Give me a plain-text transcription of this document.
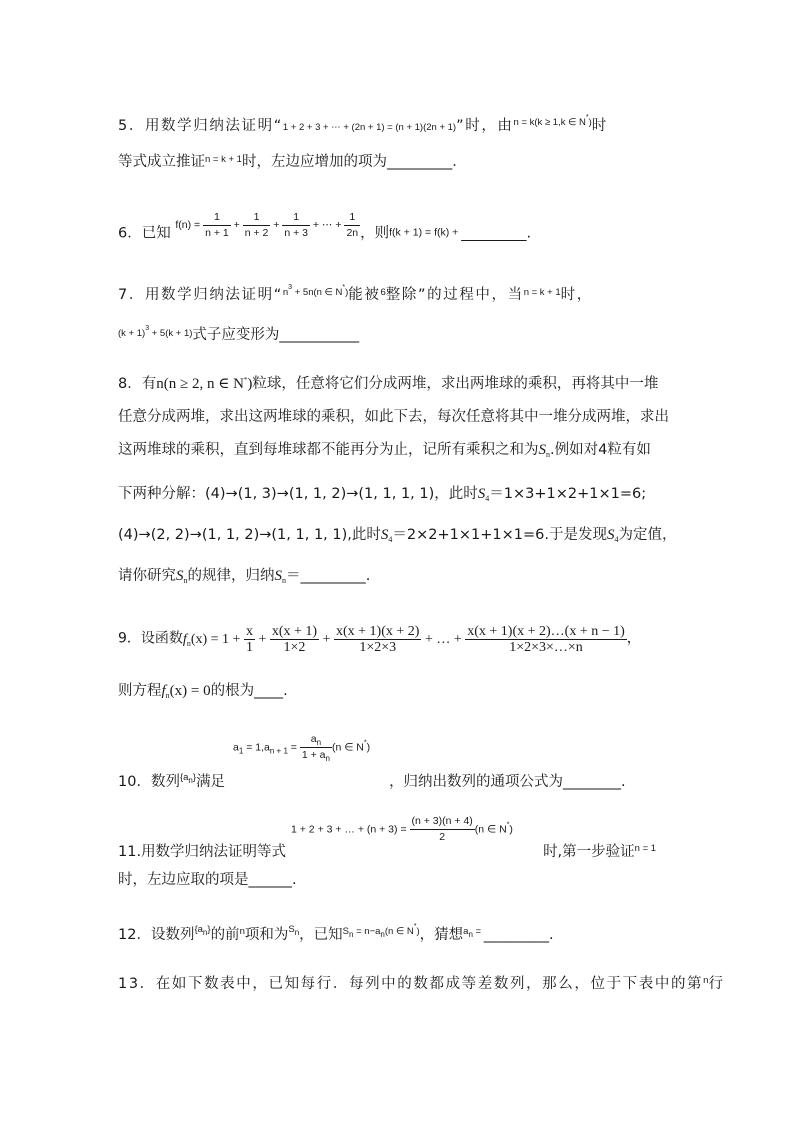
5．用数学归纳法证明“1 + 2 + 3 + ⋯ + (2n + 1) = (n + 1)(2n + 1)”时，由$^{n = k(k \ge 1,k \in N^*)}$时
等式成立推证$^{n = k + 1}$时，左边应增加的项为_________．
6．已知 $f(n) = \frac{1}{n + 1} + \frac{1}{n + 2} + \frac{1}{n + 3}$ + ⋯ + $\frac{1}{2n}$ ，则$_{f(k + 1) = f(k) +}$ _________.
7．用数学归纳法证明“$^{n^3 + 5n(n \in N^*)}$能被$^6$整除”的过程中，当$^{n = k + 1}$时，
$^{(k + 1)^3 + 5(k + 1)}$式子应变形为___________
8．有n(n ≥ 2, n ∈ N*)粒球，任意将它们分成两堆，求出两堆球的乘积，再将其中一堆
任意分成两堆，求出这两堆球的乘积，如此下去，每次任意将其中一堆分成两堆，求出
这两堆球的乘积，直到每堆球都不能再分为止，记所有乘积之和为$S_n$.例如对4粒有如
下两种分解：(4)→(1, 3)→(1, 1, 2)→(1, 1, 1, 1)，此时$S_4=1\times 3+1\times 2+1\times 1=6$;
(4)→(2, 2)→(1, 1, 2)→(1, 1, 1, 1),此时$S_4=2\times 2+1\times 1+1\times 1=6$.于是发现$S_4$为定值，
请你研究$S_n$的规律，归纳$S_n=\_\_\_\_\_\_\_\_\_$.
9．设函数$f_n(x) = 1 + \frac{x}{1} + \frac{x(x + 1)}{1\times 2} + \frac{x(x + 1)(x + 2)}{1\times 2\times 3}$ + … + $\frac{x(x + 1)(x + 2)\dots(x + n - 1)}{1\times 2\times 3\times\dots\times n}$ ，
则方程$f_n(x) = 0$的根为____.
$a_1 = 1,a_{n + 1} = \frac{a_n}{1 + a_n} (n$ ∈ N*)
10．数列$^{\{a_n\}}$满足	，归纳出数列的通项公式为________.
1 + 2 + 3 + … + $(n + 3) = \frac{(n + 3)(n + 4)}{2} (n$ ∈ N*)
11.用数学归纳法证明等式	时,第一步验证$^{n = 1}$
时，左边应取的项是______.
12．设数列$^{\{a_n\}}$的前$^n$项和为$^{S_n}$，已知$^{S_n = n-a_n(n \in N^*)}$，猜想$^{a_n =}$ _________.
13．在如下数表中，已知每行．每列中的数都成等差数列，那么，位于下表中的第$^n$行
